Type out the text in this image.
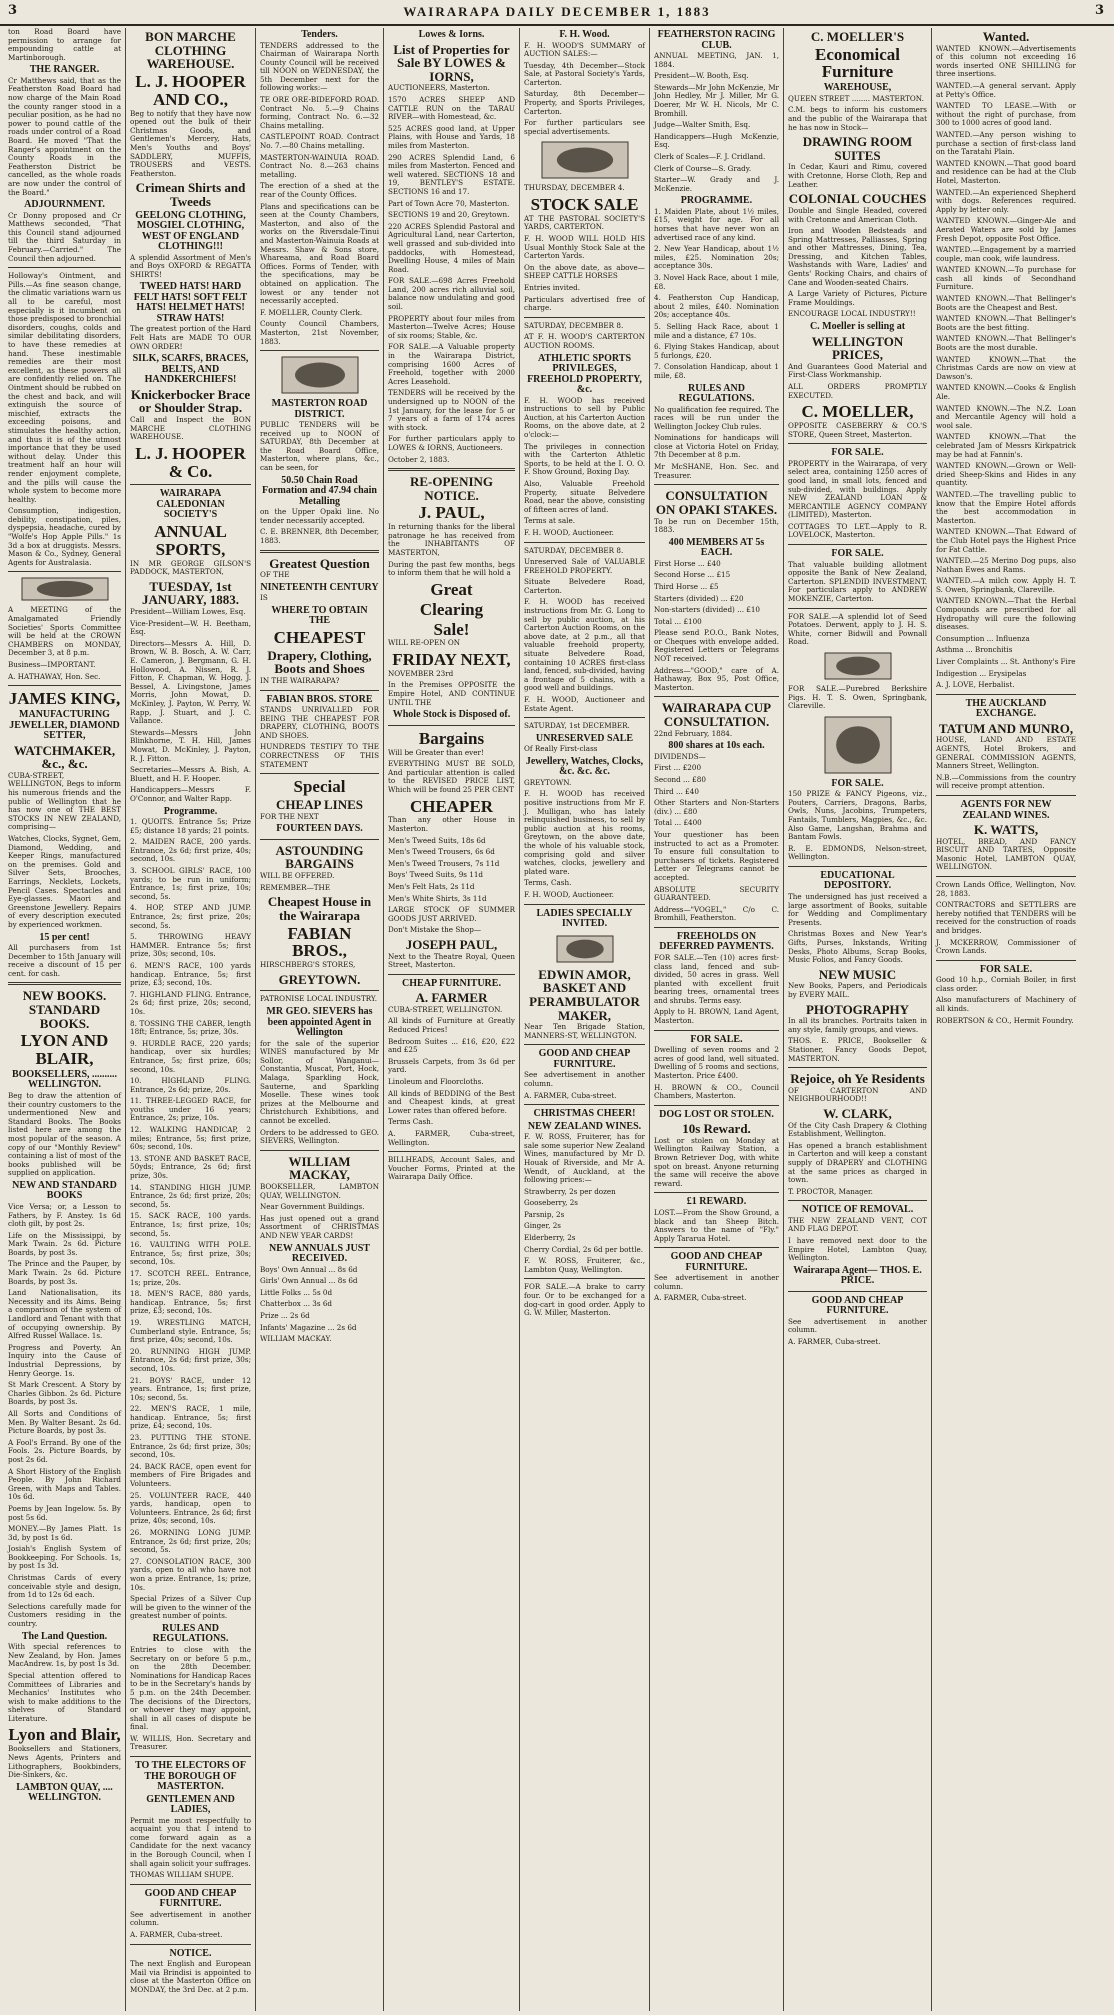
3	WAIRARAPA DAILY DECEMBER 1, 1883	3
ton Road Board have permission to arrange for empounding cattle at Martinborough.
THE RANGER.
Cr Matthews said, that as the Featherston Road Board had now charge of the Main Road the county ranger stood in a peculiar position, as he had no power to pound cattle of the roads under control of a Road Board. He moved "That the Ranger's appointment on the County Roads in the Featherston District be cancelled, as the whole roads are now under the control of the Board."
ADJOURNMENT.
Cr Donny proposed and Cr Matthews seconded, "That this Council stand adjourned till the third Saturday in February.—Carried." The Council then adjourned.
Holloway's Ointment, and Pills.—As fine season change, the climatic variations warn us all to be careful, most especially is it incumbent on those predisposed to bronchial disorders, coughs, colds and similar debilitating disorders, to have these remedies at hand. These inestimable remedies are their most excellent, as these powers all are confidently relied on. The Ointment should be rubbed on the chest and back, and will extinguish the source of mischief, extracts the exceeding poisons, and stimulates the healthy action, and thus it is of the utmost importance that they be used without delay. Under this treatment half an hour will render enjoyment complete, and the pills will cause the whole system to become more healthy.
Consumption, indigestion, debility, constipation, piles, dyspepsia, headache, cured by "Wolfe's Hop Apple Pills." 1s 3d a box at druggists. Messrs. Mason & Co., Sydney, General Agents for Australasia.
A MEETING of the Amalgamated Friendly Societies' Sports Committee will be held at the CROWN CHAMBERS on MONDAY, December 3, at 8 p.m.
Business—IMPORTANT.
A. HATHAWAY, Hon. Sec.
JAMES KING,
MANUFACTURING JEWELLER, DIAMOND SETTER,
WATCHMAKER, &c., &c.
CUBA-STREET, WELLINGTON, Begs to inform his numerous friends and the public of Wellington that he has now one of THE BEST STOCKS IN NEW ZEALAND, comprising—
Watches, Clocks, Sygnet, Gem, Diamond, Wedding, and Keeper Rings, manufactured on the premises. Gold and Silver Sets, Brooches, Earrings, Necklets, Lockets, Pencil Cases. Spectacles and Eye-glasses. Maori and Greenstone Jewellery. Repairs of every description executed by experienced workmen.
15 per cent!
All purchasers from 1st December to 15th January will receive a discount of 15 per cent. for cash.
NEW BOOKS. STANDARD BOOKS.
LYON AND BLAIR,
BOOKSELLERS, .......... WELLINGTON.
Beg to draw the attention of their country customers to the undermentioned New and Standard Books. The Books listed here are among the most popular of the season. A copy of our "Monthly Review" containing a list of most of the books published will be supplied on application.
NEW AND STANDARD BOOKS
Vice Versa; or, a Lesson to Fathers, by F. Anstey. 1s 6d cloth gilt, by post 2s.
Life on the Mississippi, by Mark Twain. 2s 6d. Picture Boards, by post 3s.
The Prince and the Pauper, by Mark Twain. 2s 6d. Picture Boards, by post 3s.
Land Nationalisation, its Necessity and its Aims. Being a comparison of the system of Landlord and Tenant with that of occupying ownership. By Alfred Russel Wallace. 1s.
Progress and Poverty. An Inquiry into the Cause of Industrial Depressions, by Henry George. 1s.
St Mark Crescent. A Story by Charles Gibbon. 2s 6d. Picture Boards, by post 3s.
All Sorts and Conditions of Men. By Walter Besant. 2s 6d. Picture Boards, by post 3s.
A Fool's Errand. By one of the Fools. 2s. Picture Boards, by post 2s 6d.
A Short History of the English People. By John Richard Green, with Maps and Tables. 10s 6d.
Poems by Jean Ingelow. 5s. By post 5s 6d.
MONEY.—By James Platt. 1s 3d, by post 1s 6d.
Josiah's English System of Bookkeeping. For Schools. 1s, by post 1s 3d.
Christmas Cards of every conceivable style and design, from 1d to 12s 6d each.
Selections carefully made for Customers residing in the country.
The Land Question.
With special references to New Zealand, by Hon. James MacAndrew. 1s, by post 1s 3d.
Special attention offered to Committees of Libraries and Mechanics' Institutes who wish to make additions to the shelves of Standard Literature.
Lyon and Blair,
Booksellers and Stationers, News Agents, Printers and Lithographers, Bookbinders, Die-Sinkers, &c.
LAMBTON QUAY, .... WELLINGTON.
BON MARCHE CLOTHING WAREHOUSE.
L. J. HOOPER AND CO.,
Beg to notify that they have now opened out the bulk of their Christmas Goods, and Gentlemen's Mercery, Hats, Men's Youths and Boys' SADDLERY, MUFFIS, TROUSERS and VESTS. Featherston.
Crimean Shirts and Tweeds
GEELONG CLOTHING, MOSGIEL CLOTHING, WEST OF ENGLAND CLOTHING!!!
A splendid Assortment of Men's and Boys OXFORD & REGATTA SHIRTS!
TWEED HATS! HARD FELT HATS! SOFT FELT HATS! HELMET HATS! STRAW HATS!
The greatest portion of the Hard Felt Hats are MADE TO OUR OWN ORDER!
SILK, SCARFS, BRACES, BELTS, AND HANDKERCHIEFS!
Knickerbocker Brace or Shoulder Strap.
Call and Inspect the BON MARCHE CLOTHING WAREHOUSE.
L. J. HOOPER & Co.
WAIRARAPA CALEDONIAN SOCIETY'S
ANNUAL SPORTS,
IN MR GEORGE GILSON'S PADDOCK, MASTERTON,
TUESDAY, 1st JANUARY, 1883.
President—William Lowes, Esq.
Vice-President—W. H. Beetham, Esq.
Directors—Messrs A. Hill, D. Brown, W. B. Bosch, A. W. Carr, E. Cameron, J. Bergmann, G. H. Hollowood, A. Nissen, R. J. Fitton, F. Chapman, W. Hogg, J. Bessel, A. Livingstone, James Morris, John Mowat, D. McKinley, J. Payton, W. Perry, W. Rapp, J. Stuart, and J. C. Vallance.
Stewards—Messrs John Blinkhorne, T. H. Hill, James Mowat, D. McKinley, J. Payton, R. J. Fitton.
Secretaries—Messrs A. Bish, A. Bluett, and H. F. Hooper.
Handicappers—Messrs F. O'Connor, and Walter Rapp.
Programme.
1. QUOITS. Entrance 5s; Prize £5; distance 18 yards; 21 points.
2. MAIDEN RACE, 200 yards. Entrance, 2s 6d; first prize, 40s; second, 10s.
3. SCHOOL GIRLS' RACE, 100 yards; to be run in uniform; Entrance, 1s; first prize, 10s; second, 5s.
4. HOP, STEP AND JUMP. Entrance, 2s; first prize, 20s; second, 5s.
5. THROWING HEAVY HAMMER. Entrance 5s; first prize, 30s; second, 10s.
6. MEN'S RACE, 100 yards handicap. Entrance, 5s; first prize, £3; second, 10s.
7. HIGHLAND FLING. Entrance, 2s 6d; first prize, 20s; second, 10s.
8. TOSSING THE CABER, length 18ft; Entrance, 5s; prize, 30s.
9. HURDLE RACE, 220 yards; handicap, over six hurdles; Entrance, 5s; first prize, 60s; second, 10s.
10. HIGHLAND FLING. Entrance, 2s 6d; prize, 20s.
11. THREE-LEGGED RACE, for youths under 16 years; Entrance, 2s; prize, 10s.
12. WALKING HANDICAP, 2 miles; Entrance, 5s; first prize, 60s; second, 10s.
13. STONE AND BASKET RACE, 50yds; Entrance, 2s 6d; first prize, 30s.
14. STANDING HIGH JUMP. Entrance, 2s 6d; first prize, 20s; second, 5s.
15. SACK RACE, 100 yards. Entrance, 1s; first prize, 10s; second, 5s.
16. VAULTING WITH POLE. Entrance, 5s; first prize, 30s; second, 10s.
17. SCOTCH REEL. Entrance, 1s; prize, 20s.
18. MEN'S RACE, 880 yards, handicap. Entrance, 5s; first prize, £3; second, 10s.
19. WRESTLING MATCH, Cumberland style. Entrance, 5s; first prize, 40s; second, 10s.
20. RUNNING HIGH JUMP. Entrance, 2s 6d; first prize, 30s; second, 10s.
21. BOYS' RACE, under 12 years. Entrance, 1s; first prize, 10s; second, 5s.
22. MEN'S RACE, 1 mile, handicap. Entrance, 5s; first prize, £4; second, 10s.
23. PUTTING THE STONE. Entrance, 2s 6d; first prize, 30s; second, 10s.
24. BACK RACE, open event for members of Fire Brigades and Volunteers.
25. VOLUNTEER RACE, 440 yards, handicap, open to Volunteers. Entrance, 2s 6d; first prize, 40s; second, 10s.
26. MORNING LONG JUMP. Entrance, 2s 6d; first prize, 20s; second, 5s.
27. CONSOLATION RACE, 300 yards, open to all who have not won a prize. Entrance, 1s; prize, 10s.
Special Prizes of a Silver Cup will be given to the winner of the greatest number of points.
RULES AND REGULATIONS.
Entries to close with the Secretary on or before 5 p.m., on the 28th December. Nominations for Handicap Races to be in the Secretary's hands by 5 p.m. on the 24th December. The decisions of the Directors, or whoever they may appoint, shall in all cases of dispute be final.
W. WILLIS, Hon. Secretary and Treasurer.
TO THE ELECTORS OF THE BOROUGH OF MASTERTON.
GENTLEMEN AND LADIES,
Permit me most respectfully to acquaint you that I intend to come forward again as a Candidate for the next vacancy in the Borough Council, when I shall again solicit your suffrages.
THOMAS WILLIAM SHUPE.
GOOD AND CHEAP FURNITURE.
See advertisement in another column.
A. FARMER, Cuba-street.
NOTICE.
The next English and European Mail via Brindisi is appointed to close at the Masterton Office on MONDAY, the 3rd Dec. at 2 p.m.
Tenders.
TENDERS addressed to the Chairman of Wairarapa North County Council will be received till NOON on WEDNESDAY, the 5th December next for the following works:—
TE ORE ORE-BIDEFORD ROAD. Contract No. 5.—9 Chains forming, Contract No. 6.—32 Chains metalling.
CASTLEPOINT ROAD. Contract No. 7.—80 Chains metalling.
MASTERTON-WAINUIA ROAD. Contract No. 8.—263 chains metalling.
The erection of a shed at the rear of the County Offices.
Plans and specifications can be seen at the County Chambers, Masterton, and also of the works on the Riversdale-Tinui and Masterton-Wainuia Roads at Messrs. Shaw & Sons store, Whareama, and Road Board Offices. Forms of Tender, with the specifications, may be obtained on application. The lowest or any tender not necessarily accepted.
F. MOELLER, County Clerk.
County Council Chambers, Masterton, 21st November, 1883.
MASTERTON ROAD DISTRICT.
PUBLIC TENDERS will be received up to NOON of SATURDAY, 8th December at the Road Board Office, Masterton, where plans, &c., can be seen, for
50.50 Chain Road Formation and 47.94 chain Metalling
on the Upper Opaki line. No tender necessarily accepted.
C. E. BRENNER, 8th December, 1883.
Greatest Question
OF THE
NINETEENTH CENTURY
IS
WHERE TO OBTAIN THE
CHEAPEST
Drapery, Clothing, Boots and Shoes
IN THE WAIRARAPA?
FABIAN BROS. STORE
STANDS UNRIVALLED FOR BEING THE CHEAPEST FOR DRAPERY, CLOTHING, BOOTS AND SHOES.
HUNDREDS TESTIFY TO THE CORRECTNESS OF THIS STATEMENT
Special
CHEAP LINES
FOR THE NEXT
FOURTEEN DAYS.
ASTOUNDING BARGAINS
WILL BE OFFERED.
REMEMBER—THE
Cheapest House in the Wairarapa
FABIAN BROS.,
HIRSCHBERG'S STORES,
GREYTOWN.
PATRONISE LOCAL INDUSTRY.
MR GEO. SIEVERS has been appointed Agent in Wellington
for the sale of the superior WINES manufactured by Mr Sollor, of Wanganui—Constantia, Muscat, Port, Hock, Malaga, Sparkling Hock, Sauterne, and Sparkling Moselle. These wines took prizes at the Melbourne and Christchurch Exhibitions, and cannot be excelled.
Orders to be addressed to GEO. SIEVERS, Wellington.
WILLIAM MACKAY,
BOOKSELLER, LAMBTON QUAY, WELLINGTON.
Near Government Buildings.
Has just opened out a grand Assortment of CHRISTMAS AND NEW YEAR CARDS!
NEW ANNUALS JUST RECEIVED.
Boys' Own Annual ... 8s 6d
Girls' Own Annual ... 8s 6d
Little Folks ... 5s 0d
Chatterbox ... 3s 6d
Prize ... 2s 6d
Infants' Magazine ... 2s 6d
WILLIAM MACKAY.
Lowes & Iorns.
List of Properties for Sale BY LOWES & IORNS,
AUCTIONEERS, Masterton.
1570 ACRES SHEEP AND CATTLE RUN on the TARAU RIVER—with Homestead, &c.
525 ACRES good land, at Upper Plains, with House and Yards, 18 miles from Masterton.
290 ACRES Splendid Land, 6 miles from Masterton. Fenced and well watered. SECTIONS 18 and 19, BENTLEY'S ESTATE. SECTIONS 16 and 17.
Part of Town Acre 70, Masterton.
SECTIONS 19 and 20, Greytown.
220 ACRES Splendid Pastoral and Agricultural Land, near Carterton, well grassed and sub-divided into paddocks, with Homestead, Dwelling House, 4 miles of Main Road.
FOR SALE.—698 Acres Freehold Land, 200 acres rich alluvial soil, balance now undulating and good soil.
PROPERTY about four miles from Masterton—Twelve Acres; House of six rooms; Stable, &c.
FOR SALE.—A Valuable property in the Wairarapa District, comprising 1600 Acres of Freehold, together with 2000 Acres Leasehold.
TENDERS will be received by the undersigned up to NOON of the 1st January, for the lease for 5 or 7 years of a farm of 174 acres with stock.
For further particulars apply to LOWES & IORNS, Auctioneers.
October 2, 1883.
RE-OPENING NOTICE.
J. PAUL,
In returning thanks for the liberal patronage he has received from the INHABITANTS OF MASTERTON,
During the past few months, begs to inform them that he will hold a
Great
Clearing
Sale!
WILL RE-OPEN ON
FRIDAY NEXT,
NOVEMBER 23rd
In the Premises OPPOSITE the Empire Hotel, AND CONTINUE UNTIL THE
Whole Stock is Disposed of.
Bargains
Will be Greater than ever!
EVERYTHING MUST BE SOLD, And particular attention is called to the REVISED PRICE LIST, Which will be found 25 PER CENT
CHEAPER
Than any other House in Masterton.
Men's Tweed Suits, 18s 6d
Men's Tweed Trousers, 6s 6d
Men's Tweed Trousers, 7s 11d
Boys' Tweed Suits, 9s 11d
Men's Felt Hats, 2s 11d
Men's White Shirts, 3s 11d
LARGE STOCK OF SUMMER GOODS JUST ARRIVED.
Don't Mistake the Shop—
JOSEPH PAUL,
Next to the Theatre Royal, Queen Street, Masterton.
CHEAP FURNITURE.
A. FARMER
CUBA-STREET, WELLINGTON.
All kinds of Furniture at Greatly Reduced Prices!
Bedroom Suites ... £16, £20, £22 and £25
Brussels Carpets, from 3s 6d per yard.
Linoleum and Floorcloths.
All kinds of BEDDING of the Best and Cheapest kinds, at great Lower rates than offered before.
Terms Cash.
A. FARMER, Cuba-street, Wellington.
BILLHEADS, Account Sales, and Voucher Forms, Printed at the Wairarapa Daily Office.
F. H. Wood.
F. H. WOOD'S SUMMARY of AUCTION SALES:—
Tuesday, 4th December—Stock Sale, at Pastoral Society's Yards, Carterton.
Saturday, 8th December—Property, and Sports Privileges, Carterton.
For further particulars see special advertisements.
THURSDAY, DECEMBER 4.
STOCK SALE
AT THE PASTORAL SOCIETY'S YARDS, CARTERTON.
F. H. WOOD WILL HOLD HIS Usual Monthly Stock Sale at the Carterton Yards.
On the above date, as above—SHEEP CATTLE HORSES
Entries invited.
Particulars advertised free of charge.
SATURDAY, DECEMBER 8.
AT F. H. WOOD'S CARTERTON AUCTION ROOMS.
ATHLETIC SPORTS PRIVILEGES, FREEHOLD PROPERTY, &c.
F. H. WOOD has received instructions to sell by Public Auction, at his Carterton Auction Rooms, on the above date, at 2 o'clock:—
The privileges in connection with the Carterton Athletic Sports, to be held at the I. O. O. F. Show Ground, Boxing Day.
Also, Valuable Freehold Property, situate Belvedere Road, near the above, consisting of fifteen acres of land.
Terms at sale.
F. H. WOOD, Auctioneer.
SATURDAY, DECEMBER 8.
Unreserved Sale of VALUABLE FREEHOLD PROPERTY.
Situate Belvedere Road, Carterton.
F. H. WOOD has received instructions from Mr. G. Long to sell by public auction, at his Carterton Auction Rooms, on the above date, at 2 p.m., all that valuable freehold property, situate Belvedere Road, containing 10 ACRES first-class land, fenced, sub-divided, having a frontage of 5 chains, with a good well and buildings.
F. H. WOOD, Auctioneer and Estate Agent.
SATURDAY, 1st DECEMBER.
UNRESERVED SALE
Of Really First-class
Jewellery, Watches, Clocks, &c. &c. &c.
GREYTOWN.
F. H. WOOD has received positive instructions from Mr F. J. Mulligan, who has lately relinquished business, to sell by public auction at his rooms, Greytown, on the above date, the whole of his valuable stock, comprising gold and silver watches, clocks, jewellery and plated ware.
Terms, Cash.
F. H. WOOD, Auctioneer.
LADIES SPECIALLY INVITED.
EDWIN AMOR, BASKET AND PERAMBULATOR MAKER,
Near Ten Brigade Station, MANNERS-ST, WELLINGTON.
GOOD AND CHEAP FURNITURE.
See advertisement in another column.
A. FARMER, Cuba-street.
CHRISTMAS CHEER!
NEW ZEALAND WINES.
F. W. ROSS, Fruiterer, has for sale some superior New Zealand Wines, manufactured by Mr D. Houak of Riverside, and Mr A. Wendt, of Auckland, at the following prices:—
Strawberry, 2s per dozen
Gooseberry, 2s
Parsnip, 2s
Ginger, 2s
Elderberry, 2s
Cherry Cordial, 2s 6d per bottle.
F. W. ROSS, Fruiterer, &c., Lambton Quay, Wellington.
FOR SALE.—A brake to carry four. Or to be exchanged for a dog-cart in good order. Apply to G. W. Miller, Masterton.
FEATHERSTON RACING CLUB.
ANNUAL MEETING, JAN. 1, 1884.
President—W. Booth, Esq.
Stewards—Mr John McKenzie, Mr John Hedley, Mr J. Miller, Mr G. Doerer, Mr W. H. Nicols, Mr C. Bromhill.
Judge—Walter Smith, Esq.
Handicappers—Hugh McKenzie, Esq.
Clerk of Scales—F. J. Cridland.
Clerk of Course—S. Grady.
Starter—W. Grady and J. McKenzie.
PROGRAMME.
1. Maiden Plate, about 1½ miles, £15, weight for age. For all horses that have never won an advertised race of any kind.
2. New Year Handicap, about 1½ miles, £25. Nomination 20s; acceptance 30s.
3. Novel Hack Race, about 1 mile, £8.
4. Featherston Cup Handicap, about 2 miles, £40. Nomination 20s; acceptance 40s.
5. Selling Hack Race, about 1 mile and a distance, £7 10s.
6. Flying Stakes Handicap, about 5 furlongs, £20.
7. Consolation Handicap, about 1 mile, £8.
RULES AND REGULATIONS.
No qualification fee required. The races will be run under the Wellington Jockey Club rules.
Nominations for handicaps will close at Victoria Hotel on Friday, 7th December at 8 p.m.
Mr McSHANE, Hon. Sec. and Treasurer.
CONSULTATION ON OPAKI STAKES.
To be run on December 15th, 1883.
400 MEMBERS AT 5s EACH.
First Horse ... £40
Second Horse ... £15
Third Horse ... £5
Starters (divided) ... £20
Non-starters (divided) ... £10
Total ... £100
Please send P.O.O., Bank Notes, or Cheques with envelope added. Registered Letters or Telegrams NOT received.
Address—"GOOD," care of A. Hathaway, Box 95, Post Office, Masterton.
WAIRARAPA CUP CONSULTATION.
22nd February, 1884.
800 shares at 10s each.
DIVIDENDS—
First ... £200
Second ... £80
Third ... £40
Other Starters and Non-Starters (div.) ... £80
Total ... £400
Your questioner has been instructed to act as a Promoter. To ensure full consultation to purchasers of tickets. Registered Letter or Telegrams cannot be accepted.
ABSOLUTE SECURITY GUARANTEED.
Address—"VOGEL," C/o C. Bromhill, Featherston.
FREEHOLDS ON DEFERRED PAYMENTS.
FOR SALE.—Ten (10) acres first-class land, fenced and sub-divided, 50 acres in grass. Well planted with excellent fruit bearing trees, ornamental trees and shrubs. Terms easy.
Apply to H. BROWN, Land Agent, Masterton.
FOR SALE.
Dwelling of seven rooms and 2 acres of good land, well situated. Dwelling of 5 rooms and sections, Masterton. Price £400.
H. BROWN & CO., Council Chambers, Masterton.
DOG LOST OR STOLEN.
10s Reward.
Lost or stolen on Monday at Wellington Railway Station, a Brown Retriever Dog, with white spot on breast. Anyone returning the same will receive the above reward.
£1 REWARD.
LOST.—From the Show Ground, a black and tan Sheep Bitch. Answers to the name of "Fly." Apply Tararua Hotel.
GOOD AND CHEAP FURNITURE.
See advertisement in another column.
A. FARMER, Cuba-street.
C. MOELLER'S
Economical Furniture
WAREHOUSE,
QUEEN STREET ........ MASTERTON.
C.M. begs to inform his customers and the public of the Wairarapa that he has now in Stock—
DRAWING ROOM SUITES
In Cedar, Kauri and Rimu, covered with Cretonne, Horse Cloth, Rep and Leather.
COLONIAL COUCHES
Double and Single Headed, covered with Cretonne and American Cloth.
Iron and Wooden Bedsteads and Spring Mattresses, Palliasses, Spring and other Mattresses, Dining, Tea, Dressing, and Kitchen Tables, Washstands with Ware, Ladies' and Gents' Rocking Chairs, and chairs of Cane and Wooden-seated Chairs.
A Large Variety of Pictures, Picture Frame Mouldings.
ENCOURAGE LOCAL INDUSTRY!!
C. Moeller is selling at
WELLINGTON PRICES,
And Guarantees Good Material and First-Class Workmanship.
ALL ORDERS PROMPTLY EXECUTED.
C. MOELLER,
OPPOSITE CASEBERRY & CO.'S STORE, Queen Street, Masterton.
FOR SALE.
PROPERTY in the Wairarapa, of very select area, containing 1250 acres of good land, in small lots, fenced and sub-divided, with buildings. Apply NEW ZEALAND LOAN & MERCANTILE AGENCY COMPANY (LIMITED), Masterton.
COTTAGES TO LET.—Apply to R. LOVELOCK, Masterton.
FOR SALE.
That valuable building allotment opposite the Bank of New Zealand, Carterton. SPLENDID INVESTMENT. For particulars apply to ANDREW MOKENZIE, Carterton.
FOR SALE.—A splendid lot of Seed Potatoes. Derwent, apply to J. H. S. White, corner Bidwill and Pownall Road.
FOR SALE.—Purebred Berkshire Pigs. H. T. S. Owen, Springbank, Clareville.
FOR SALE.
150 PRIZE & FANCY Pigeons, viz., Pouters, Carriers, Dragons, Barbs, Owls, Nuns, Jacobins, Trumpeters, Fantails, Tumblers, Magpies, &c., &c. Also Game, Langshan, Brahma and Bantam Fowls.
R. E. EDMONDS, Nelson-street, Wellington.
EDUCATIONAL DEPOSITORY.
The undersigned has just received a large assortment of Books, suitable for Wedding and Complimentary Presents.
Christmas Boxes and New Year's Gifts, Purses, Inkstands, Writing Desks, Photo Albums, Scrap Books, Music Folios, and Fancy Goods.
NEW MUSIC
New Books, Papers, and Periodicals by EVERY MAIL.
PHOTOGRAPHY
In all its branches. Portraits taken in any style, family groups, and views.
THOS. E. PRICE, Bookseller & Stationer, Fancy Goods Depot, MASTERTON.
Rejoice, oh Ye Residents
OF CARTERTON AND NEIGHBOURHOOD!!
W. CLARK,
Of the City Cash Drapery & Clothing Establishment, Wellington.
Has opened a branch establishment in Carterton and will keep a constant supply of DRAPERY and CLOTHING at the same prices as charged in town.
T. PROCTOR, Manager.
NOTICE OF REMOVAL.
THE NEW ZEALAND VENT, COT AND FLAG DEPOT.
I have removed next door to the Empire Hotel, Lambton Quay, Wellington.
Wairarapa Agent— THOS. E. PRICE.
GOOD AND CHEAP FURNITURE.
See advertisement in another column.
A. FARMER, Cuba-street.
Wanted.
WANTED KNOWN.—Advertisements of this column not exceeding 16 words inserted ONE SHILLING for three insertions.
WANTED.—A general servant. Apply at Petty's Office.
WANTED TO LEASE.—With or without the right of purchase, from 300 to 1000 acres of good land.
WANTED.—Any person wishing to purchase a section of first-class land on the Taratahi Plain.
WANTED KNOWN.—That good board and residence can be had at the Club Hotel, Masterton.
WANTED.—An experienced Shepherd with dogs. References required. Apply by letter only.
WANTED KNOWN.—Ginger-Ale and Aerated Waters are sold by James Fresh Depot, opposite Post Office.
WANTED.—Engagement by a married couple, man cook, wife laundress.
WANTED KNOWN.—To purchase for cash all kinds of Secondhand Furniture.
WANTED KNOWN.—That Bellinger's Boots are the Cheapest and Best.
WANTED KNOWN.—That Bellinger's Boots are the best fitting.
WANTED KNOWN.—That Bellinger's Boots are the most durable.
WANTED KNOWN.—That the Christmas Cards are now on view at Dawson's.
WANTED KNOWN.—Cooks & English Ale.
WANTED KNOWN.—The N.Z. Loan and Mercantile Agency will hold a wool sale.
WANTED KNOWN.—That the celebrated Jam of Messrs Kirkpatrick may be had at Fannin's.
WANTED KNOWN.—Grown or Well-dried Sheep-Skins and Hides in any quantity.
WANTED.—The travelling public to know that the Empire Hotel affords the best accommodation in Masterton.
WANTED KNOWN.—That Edward of the Club Hotel pays the Highest Price for Fat Cattle.
WANTED.—25 Merino Dog pups, also Nathan Ewes and Rams.
WANTED.—A milch cow. Apply H. T. S. Owen, Springbank, Clareville.
WANTED KNOWN.—That the Herbal Compounds are prescribed for all Hydropathy will cure the following diseases.
Consumption ... Influenza
Asthma ... Bronchitis
Liver Complaints ... St. Anthony's Fire
Indigestion ... Erysipelas
A. J. LOVE, Herbalist.
THE AUCKLAND EXCHANGE.
TATUM AND MUNRO,
HOUSE, LAND AND ESTATE AGENTS, Hotel Brokers, and GENERAL COMMISSION AGENTS, Manners Street, Wellington.
N.B.—Commissions from the country will receive prompt attention.
AGENTS FOR NEW ZEALAND WINES.
K. WATTS,
HOTEL, BREAD, AND FANCY BISCUIT AND TARTES, Opposite Masonic Hotel, LAMBTON QUAY, WELLINGTON.
Crown Lands Office, Wellington, Nov. 28, 1883.
CONTRACTORS and SETTLERS are hereby notified that TENDERS will be received for the construction of roads and bridges.
J. MCKERROW, Commissioner of Crown Lands.
FOR SALE.
Good 10 h.p., Corniah Boiler, in first class order.
Also manufacturers of Machinery of all kinds.
ROBERTSON & CO., Hermit Foundry.
